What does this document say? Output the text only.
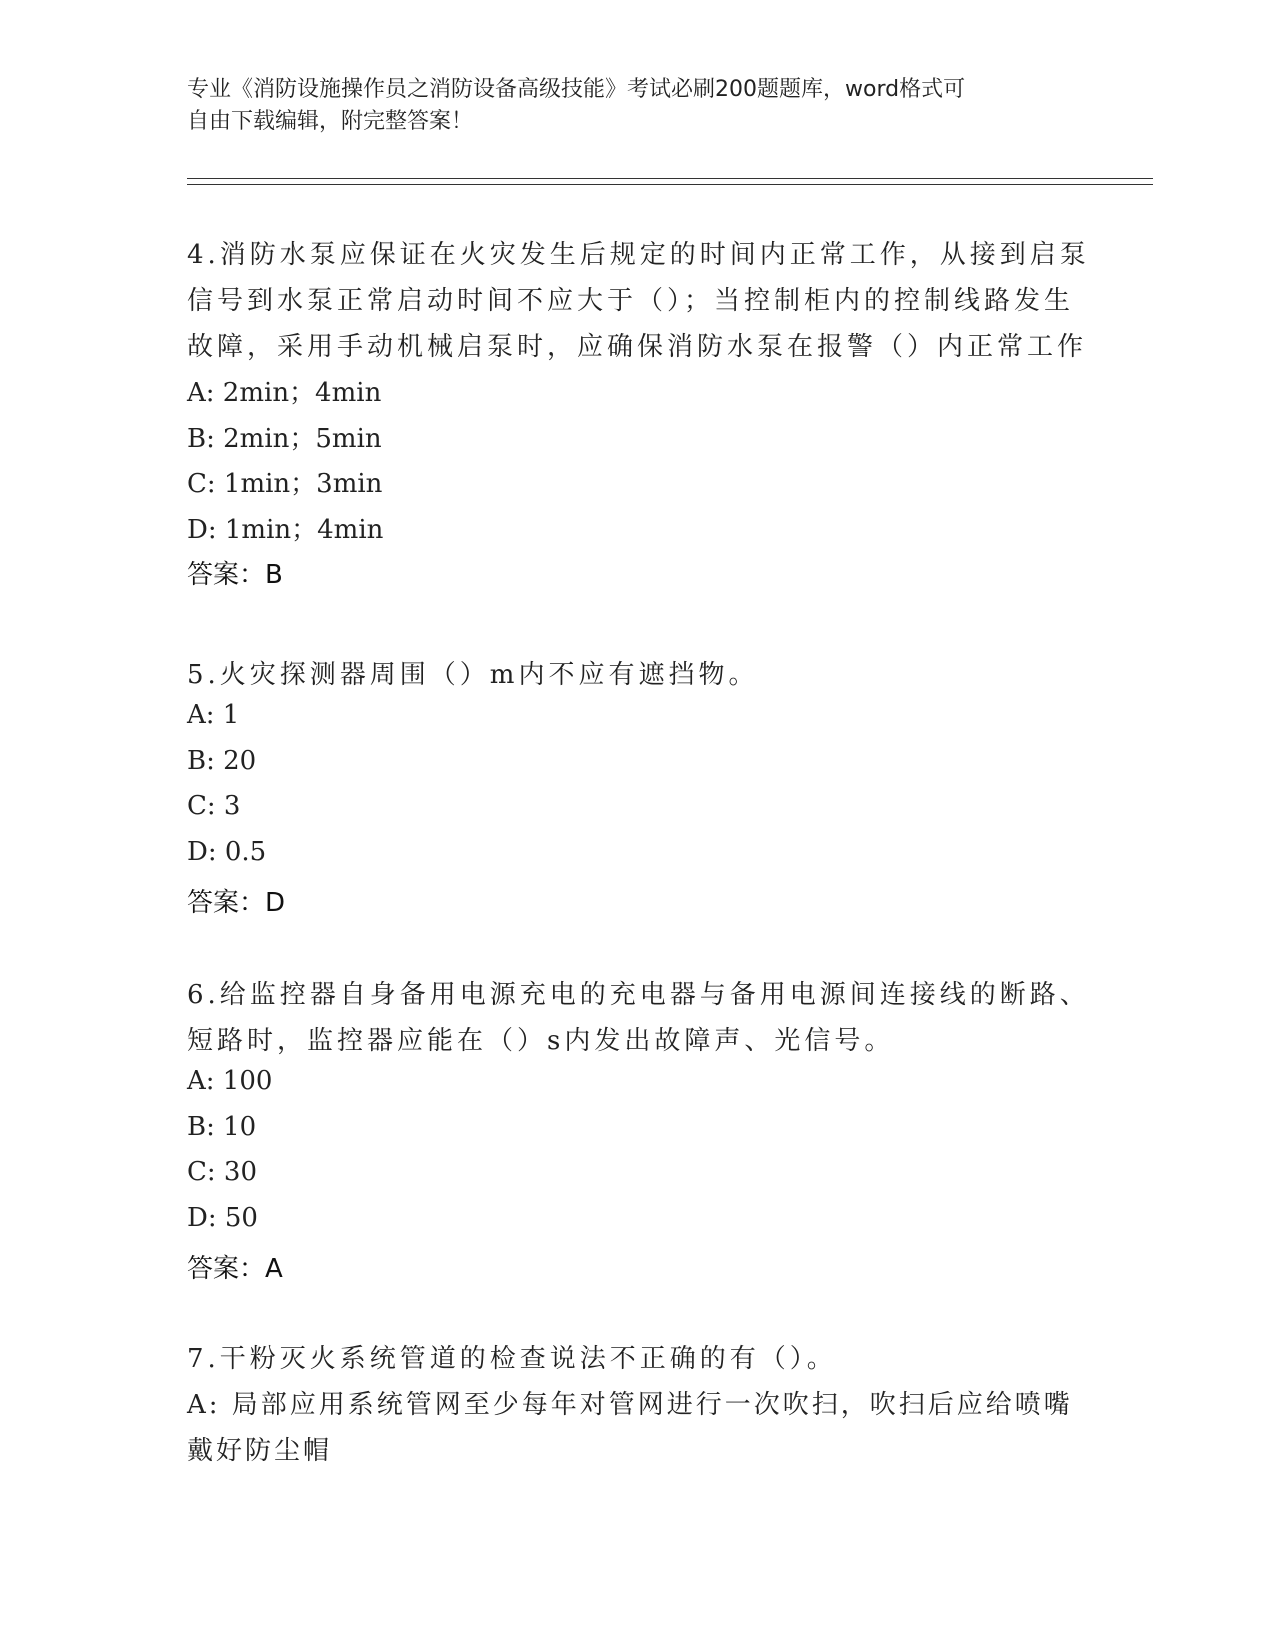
专业《消防设施操作员之消防设备高级技能》考试必刷200题题库，word格式可
自由下载编辑，附完整答案！
4.消防水泵应保证在火灾发生后规定的时间内正常工作，从接到启泵
信号到水泵正常启动时间不应大于（）；当控制柜内的控制线路发生
故障，采用手动机械启泵时，应确保消防水泵在报警（）内正常工作
A: 2min；4min
B: 2min；5min
C: 1min；3min
D: 1min；4min
答案：B
5.火灾探测器周围（）m内不应有遮挡物。
A: 1
B: 20
C: 3
D: 0.5
答案：D
6.给监控器自身备用电源充电的充电器与备用电源间连接线的断路、
短路时，监控器应能在（）s内发出故障声、光信号。
A: 100
B: 10
C: 30
D: 50
答案：A
7.干粉灭火系统管道的检查说法不正确的有（）。
A: 局部应用系统管网至少每年对管网进行一次吹扫，吹扫后应给喷嘴
戴好防尘帽
